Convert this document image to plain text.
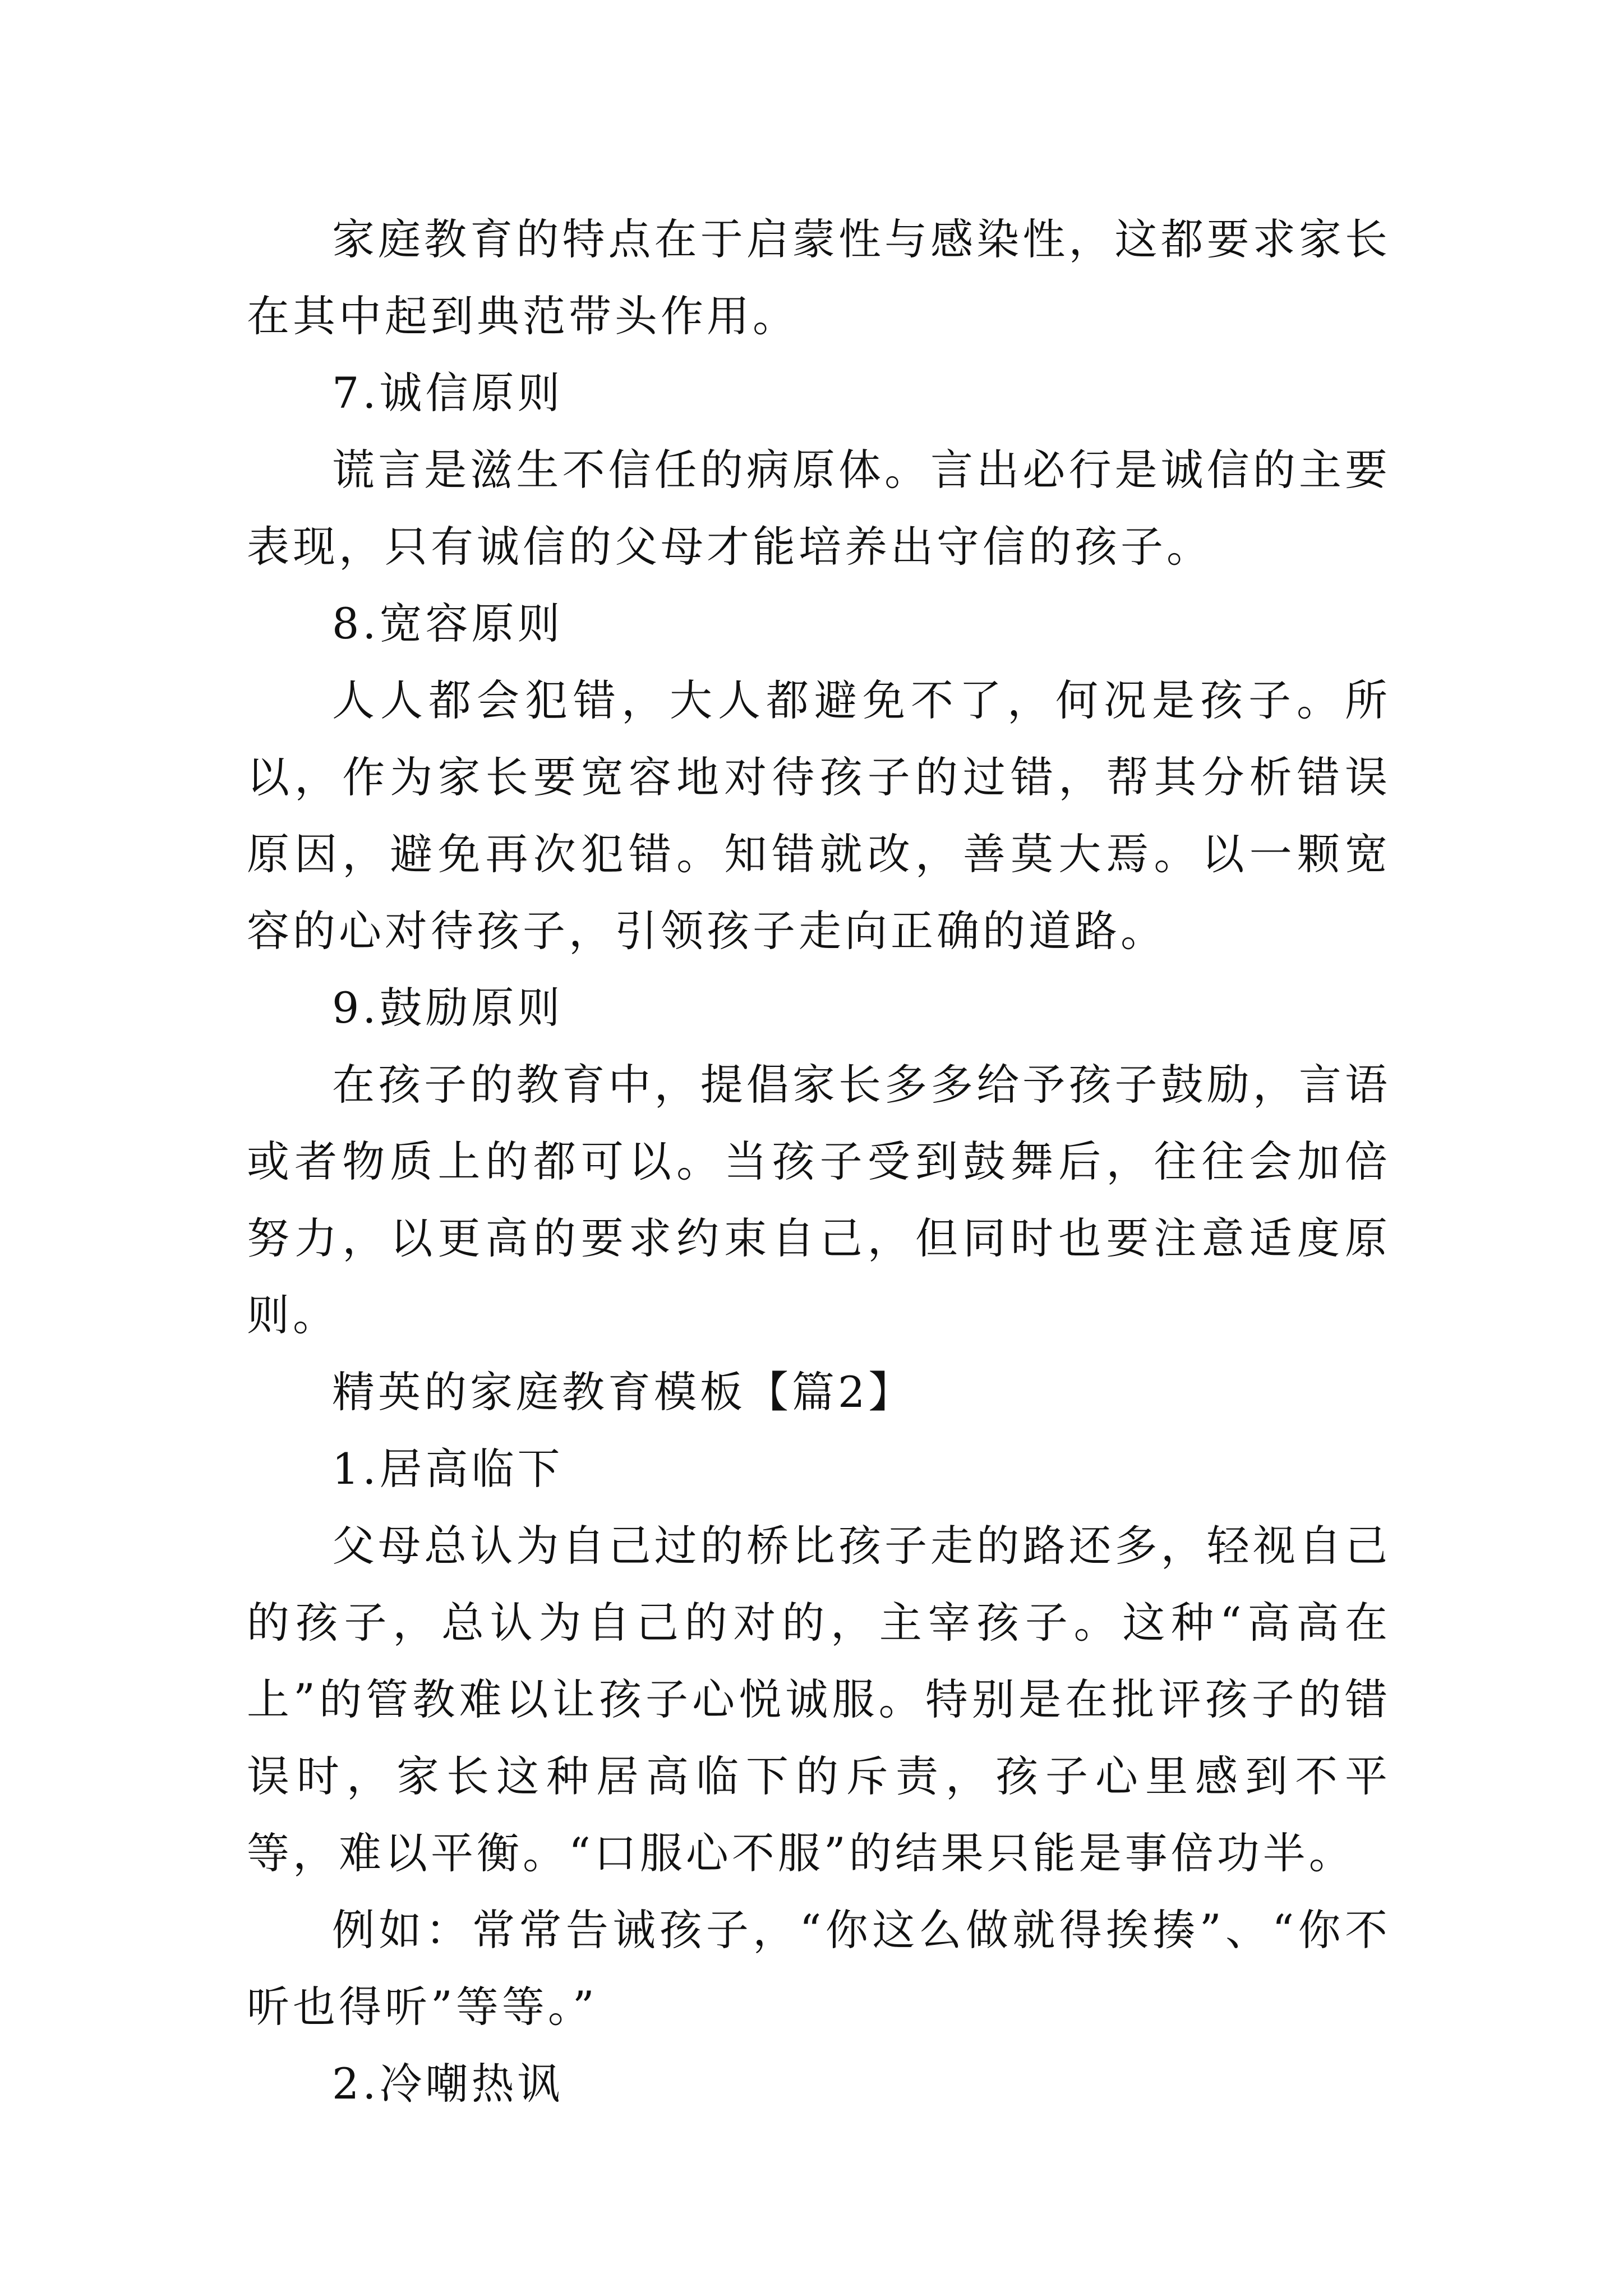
家庭教育的特点在于启蒙性与感染性，这都要求家长在其中起到典范带头作用。

7.诚信原则

谎言是滋生不信任的病原体。言出必行是诚信的主要表现，只有诚信的父母才能培养出守信的孩子。

8.宽容原则

人人都会犯错，大人都避免不了，何况是孩子。所以，作为家长要宽容地对待孩子的过错，帮其分析错误原因，避免再次犯错。知错就改，善莫大焉。以一颗宽容的心对待孩子，引领孩子走向正确的道路。

9.鼓励原则

在孩子的教育中，提倡家长多多给予孩子鼓励，言语或者物质上的都可以。当孩子受到鼓舞后，往往会加倍努力，以更高的要求约束自己，但同时也要注意适度原则。

精英的家庭教育模板【篇2】

1.居高临下

父母总认为自己过的桥比孩子走的路还多，轻视自己的孩子，总认为自己的对的，主宰孩子。这种“高高在上”的管教难以让孩子心悦诚服。特别是在批评孩子的错误时，家长这种居高临下的斥责，孩子心里感到不平等，难以平衡。“口服心不服”的结果只能是事倍功半。

例如：常常告诫孩子，“你这么做就得挨揍”、“你不听也得听”等等。”

2.冷嘲热讽
